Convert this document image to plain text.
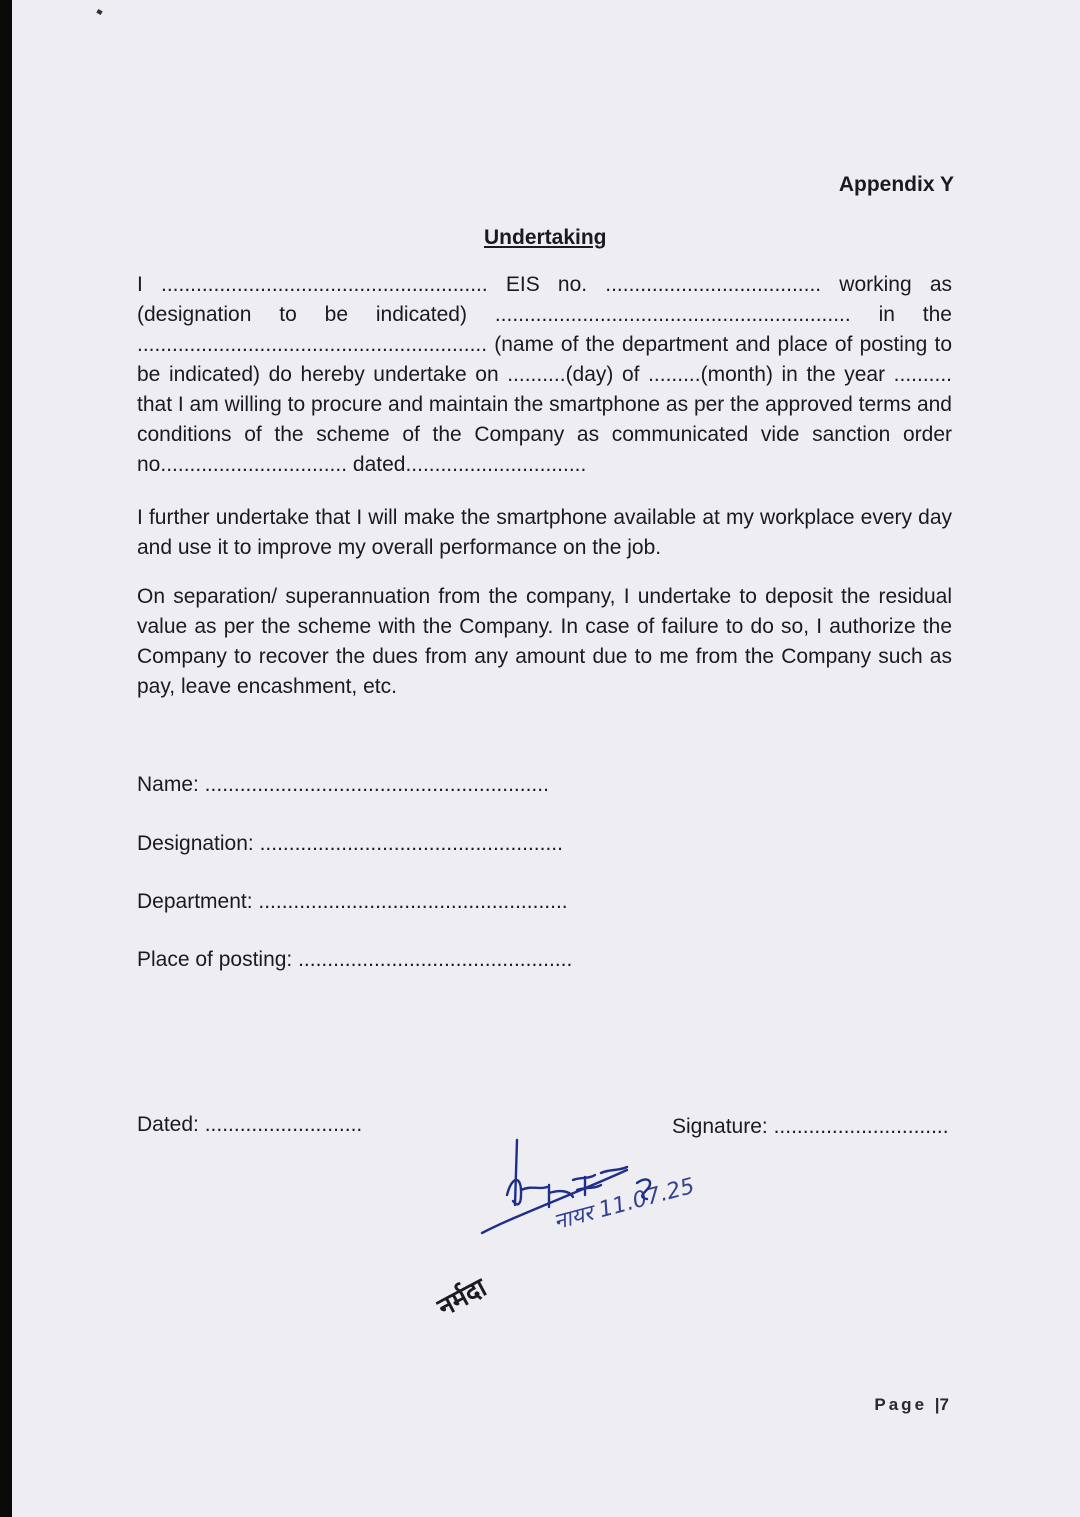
Appendix Y
Undertaking
I ........................................................ EIS no. ..................................... working as (designation to be indicated) ............................................................. in the ............................................................ (name of the department and place of posting to be indicated) do hereby undertake on ..........(day) of .........(month) in the year .......... that I am willing to procure and maintain the smartphone as per the approved terms and conditions of the scheme of the Company as communicated vide sanction order no................................ dated...............................
I further undertake that I will make the smartphone available at my workplace every day and use it to improve my overall performance on the job.
On separation/ superannuation from the company, I undertake to deposit the residual value as per the scheme with the Company. In case of failure to do so, I authorize the Company to recover the dues from any amount due to me from the Company such as pay, leave encashment, etc.
Name: ...........................................................
Designation: ....................................................
Department: .....................................................
Place of posting: ...............................................
Dated: ...........................	Signature: ..............................
नायर 11.07.25
नर्मदा
Page |7
